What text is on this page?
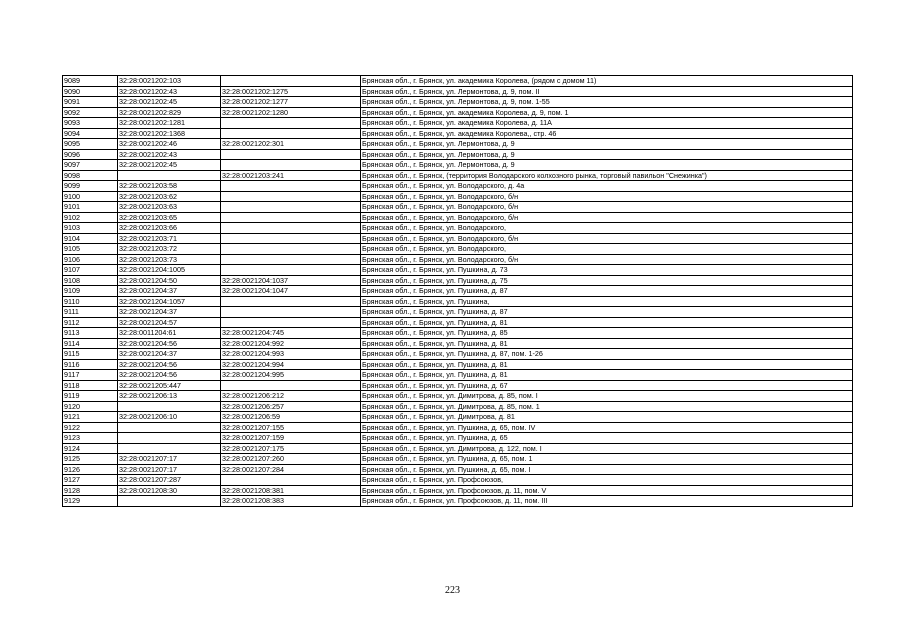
9089	32:28:0021202:103		Брянская обл., г. Брянск, ул. академика Королева, (рядом с домом 11)
9090	32:28:0021202:43	32:28:0021202:1275	Брянская обл., г. Брянск, ул. Лермонтова, д. 9, пом. II
9091	32:28:0021202:45	32:28:0021202:1277	Брянская обл., г. Брянск, ул. Лермонтова, д. 9, пом. 1-55
9092	32:28:0021202:829	32:28:0021202:1280	Брянская обл., г. Брянск, ул. академика Королева, д. 9, пом. 1
9093	32:28:0021202:1281		Брянская обл., г. Брянск, ул. академика Королева, д. 11А
9094	32:28:0021202:1368		Брянская обл., г. Брянск, ул. академика Королева,, стр. 46
9095	32:28:0021202:46	32:28:0021202:301	Брянская обл., г. Брянск, ул. Лермонтова, д. 9
9096	32:28:0021202:43		Брянская обл., г. Брянск, ул. Лермонтова, д. 9
9097	32:28:0021202:45		Брянская обл., г. Брянск, ул. Лермонтова, д. 9
9098		32:28:0021203:241	Брянская обл., г. Брянск, (территория Володарского колхозного рынка, торговый павильон "Снежинка")
9099	32:28:0021203:58		Брянская обл., г. Брянск, ул. Володарского, д. 4а
9100	32:28:0021203:62		Брянская обл., г. Брянск, ул. Володарского, б/н
9101	32:28:0021203:63		Брянская обл., г. Брянск, ул. Володарского, б/н
9102	32:28:0021203:65		Брянская обл., г. Брянск, ул. Володарского, б/н
9103	32:28:0021203:66		Брянская обл., г. Брянск, ул. Володарского,
9104	32:28:0021203:71		Брянская обл., г. Брянск, ул. Володарского, б/н
9105	32:28:0021203:72		Брянская обл., г. Брянск, ул. Володарского,
9106	32:28:0021203:73		Брянская обл., г. Брянск, ул. Володарского, б/н
9107	32:28:0021204:1005		Брянская обл., г. Брянск, ул. Пушкина, д. 73
9108	32:28:0021204:50	32:28:0021204:1037	Брянская обл., г. Брянск, ул. Пушкина, д. 75
9109	32:28:0021204:37	32:28:0021204:1047	Брянская обл., г. Брянск, ул. Пушкина, д. 87
9110	32:28:0021204:1057		Брянская обл., г. Брянск, ул. Пушкина,
9111	32:28:0021204:37		Брянская обл., г. Брянск, ул. Пушкина, д. 87
9112	32:28:0021204:57		Брянская обл., г. Брянск, ул. Пушкина, д. 81
9113	32:28:0011204:61	32:28:0021204:745	Брянская обл., г. Брянск, ул. Пушкина, д. 85
9114	32:28:0021204:56	32:28:0021204:992	Брянская обл., г. Брянск, ул. Пушкина, д. 81
9115	32:28:0021204:37	32:28:0021204:993	Брянская обл., г. Брянск, ул. Пушкина, д. 87, пом. 1-26
9116	32:28:0021204:56	32:28:0021204:994	Брянская обл., г. Брянск, ул. Пушкина, д. 81
9117	32:28:0021204:56	32:28:0021204:995	Брянская обл., г. Брянск, ул. Пушкина, д. 81
9118	32:28:0021205:447		Брянская обл., г. Брянск, ул. Пушкина, д. 67
9119	32:28:0021206:13	32:28:0021206:212	Брянская обл., г. Брянск, ул. Димитрова, д. 85, пом. I
9120		32:28:0021206:257	Брянская обл., г. Брянск, ул. Димитрова, д. 85, пом. 1
9121	32:28:0021206:10	32:28:0021206:59	Брянская обл., г. Брянск, ул. Димитрова, д. 81
9122		32:28:0021207:155	Брянская обл., г. Брянск, ул. Пушкина, д. 65, пом. IV
9123		32:28:0021207:159	Брянская обл., г. Брянск, ул. Пушкина, д. 65
9124		32:28:0021207:175	Брянская обл., г. Брянск, ул. Димитрова, д. 122, пом. I
9125	32:28:0021207:17	32:28:0021207:260	Брянская обл., г. Брянск, ул. Пушкина, д. 65, пом. 1
9126	32:28:0021207:17	32:28:0021207:284	Брянская обл., г. Брянск, ул. Пушкина, д. 65, пом. I
9127	32:28:0021207:287		Брянская обл., г. Брянск, ул. Профсоюзов,
9128	32:28:0021208:30	32:28:0021208:381	Брянская обл., г. Брянск, ул. Профсоюзов, д. 11, пом. V
9129		32:28:0021208:383	Брянская обл., г. Брянск, ул. Профсоюзов, д. 11, пом. III
223
